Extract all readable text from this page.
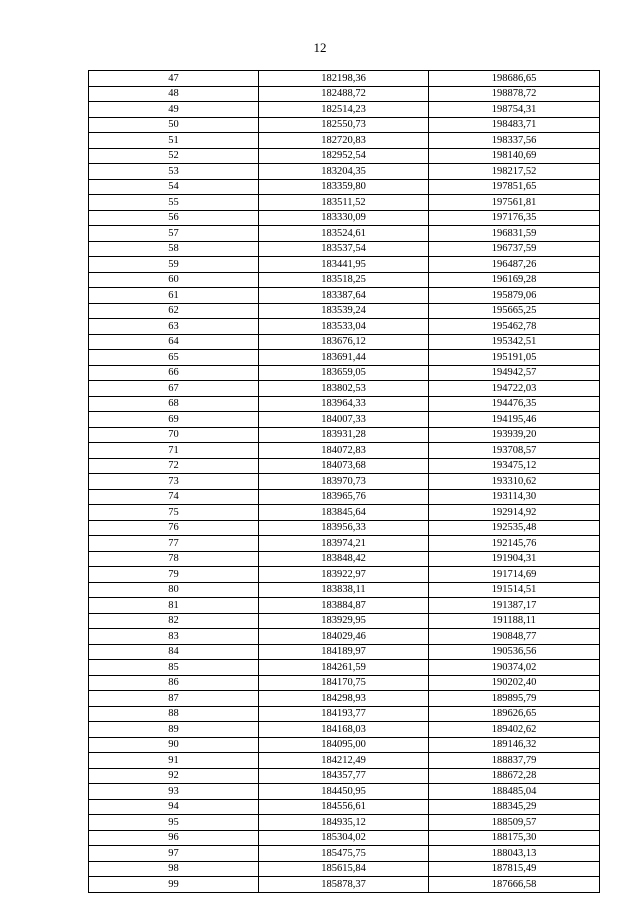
12
47	182198,36	198686,65
48	182488,72	198878,72
49	182514,23	198754,31
50	182550,73	198483,71
51	182720,83	198337,56
52	182952,54	198140,69
53	183204,35	198217,52
54	183359,80	197851,65
55	183511,52	197561,81
56	183330,09	197176,35
57	183524,61	196831,59
58	183537,54	196737,59
59	183441,95	196487,26
60	183518,25	196169,28
61	183387,64	195879,06
62	183539,24	195665,25
63	183533,04	195462,78
64	183676,12	195342,51
65	183691,44	195191,05
66	183659,05	194942,57
67	183802,53	194722,03
68	183964,33	194476,35
69	184007,33	194195,46
70	183931,28	193939,20
71	184072,83	193708,57
72	184073,68	193475,12
73	183970,73	193310,62
74	183965,76	193114,30
75	183845,64	192914,92
76	183956,33	192535,48
77	183974,21	192145,76
78	183848,42	191904,31
79	183922,97	191714,69
80	183838,11	191514,51
81	183884,87	191387,17
82	183929,95	191188,11
83	184029,46	190848,77
84	184189,97	190536,56
85	184261,59	190374,02
86	184170,75	190202,40
87	184298,93	189895,79
88	184193,77	189626,65
89	184168,03	189402,62
90	184095,00	189146,32
91	184212,49	188837,79
92	184357,77	188672,28
93	184450,95	188485,04
94	184556,61	188345,29
95	184935,12	188509,57
96	185304,02	188175,30
97	185475,75	188043,13
98	185615,84	187815,49
99	185878,37	187666,58
